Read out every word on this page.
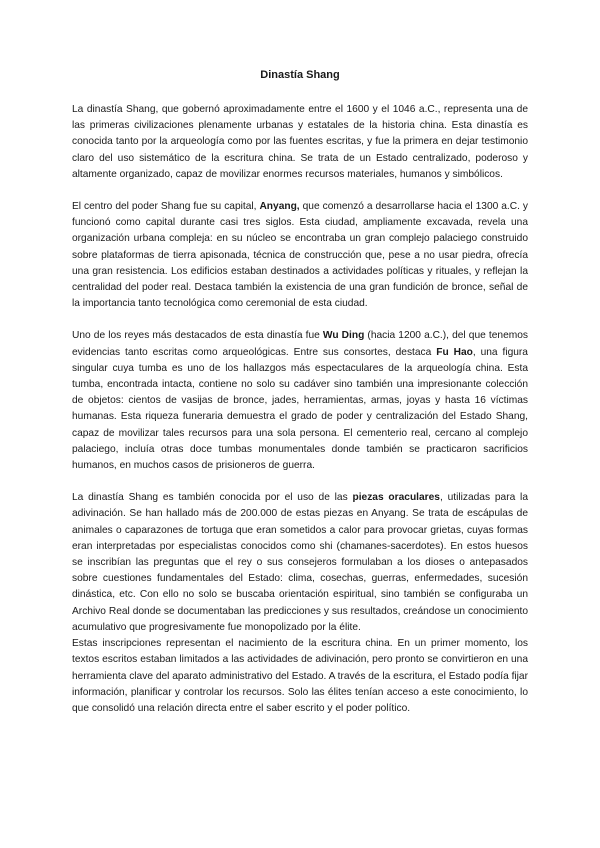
Dinastía Shang

La dinastía Shang, que gobernó aproximadamente entre el 1600 y el 1046 a.C., representa una de las primeras civilizaciones plenamente urbanas y estatales de la historia china. Esta dinastía es conocida tanto por la arqueología como por las fuentes escritas, y fue la primera en dejar testimonio claro del uso sistemático de la escritura china. Se trata de un Estado centralizado, poderoso y altamente organizado, capaz de movilizar enormes recursos materiales, humanos y simbólicos.

El centro del poder Shang fue su capital, Anyang, que comenzó a desarrollarse hacia el 1300 a.C. y funcionó como capital durante casi tres siglos. Esta ciudad, ampliamente excavada, revela una organización urbana compleja: en su núcleo se encontraba un gran complejo palaciego construido sobre plataformas de tierra apisonada, técnica de construcción que, pese a no usar piedra, ofrecía una gran resistencia. Los edificios estaban destinados a actividades políticas y rituales, y reflejan la centralidad del poder real. Destaca también la existencia de una gran fundición de bronce, señal de la importancia tanto tecnológica como ceremonial de esta ciudad.

Uno de los reyes más destacados de esta dinastía fue Wu Ding (hacia 1200 a.C.), del que tenemos evidencias tanto escritas como arqueológicas. Entre sus consortes, destaca Fu Hao, una figura singular cuya tumba es uno de los hallazgos más espectaculares de la arqueología china. Esta tumba, encontrada intacta, contiene no solo su cadáver sino también una impresionante colección de objetos: cientos de vasijas de bronce, jades, herramientas, armas, joyas y hasta 16 víctimas humanas. Esta riqueza funeraria demuestra el grado de poder y centralización del Estado Shang, capaz de movilizar tales recursos para una sola persona. El cementerio real, cercano al complejo palaciego, incluía otras doce tumbas monumentales donde también se practicaron sacrificios humanos, en muchos casos de prisioneros de guerra.

La dinastía Shang es también conocida por el uso de las piezas oraculares, utilizadas para la adivinación. Se han hallado más de 200.000 de estas piezas en Anyang. Se trata de escápulas de animales o caparazones de tortuga que eran sometidos a calor para provocar grietas, cuyas formas eran interpretadas por especialistas conocidos como shi (chamanes-sacerdotes). En estos huesos se inscribían las preguntas que el rey o sus consejeros formulaban a los dioses o antepasados sobre cuestiones fundamentales del Estado: clima, cosechas, guerras, enfermedades, sucesión dinástica, etc. Con ello no solo se buscaba orientación espiritual, sino también se configuraba un Archivo Real donde se documentaban las predicciones y sus resultados, creándose un conocimiento acumulativo que progresivamente fue monopolizado por la élite.

Estas inscripciones representan el nacimiento de la escritura china. En un primer momento, los textos escritos estaban limitados a las actividades de adivinación, pero pronto se convirtieron en una herramienta clave del aparato administrativo del Estado. A través de la escritura, el Estado podía fijar información, planificar y controlar los recursos. Solo las élites tenían acceso a este conocimiento, lo que consolidó una relación directa entre el saber escrito y el poder político.
